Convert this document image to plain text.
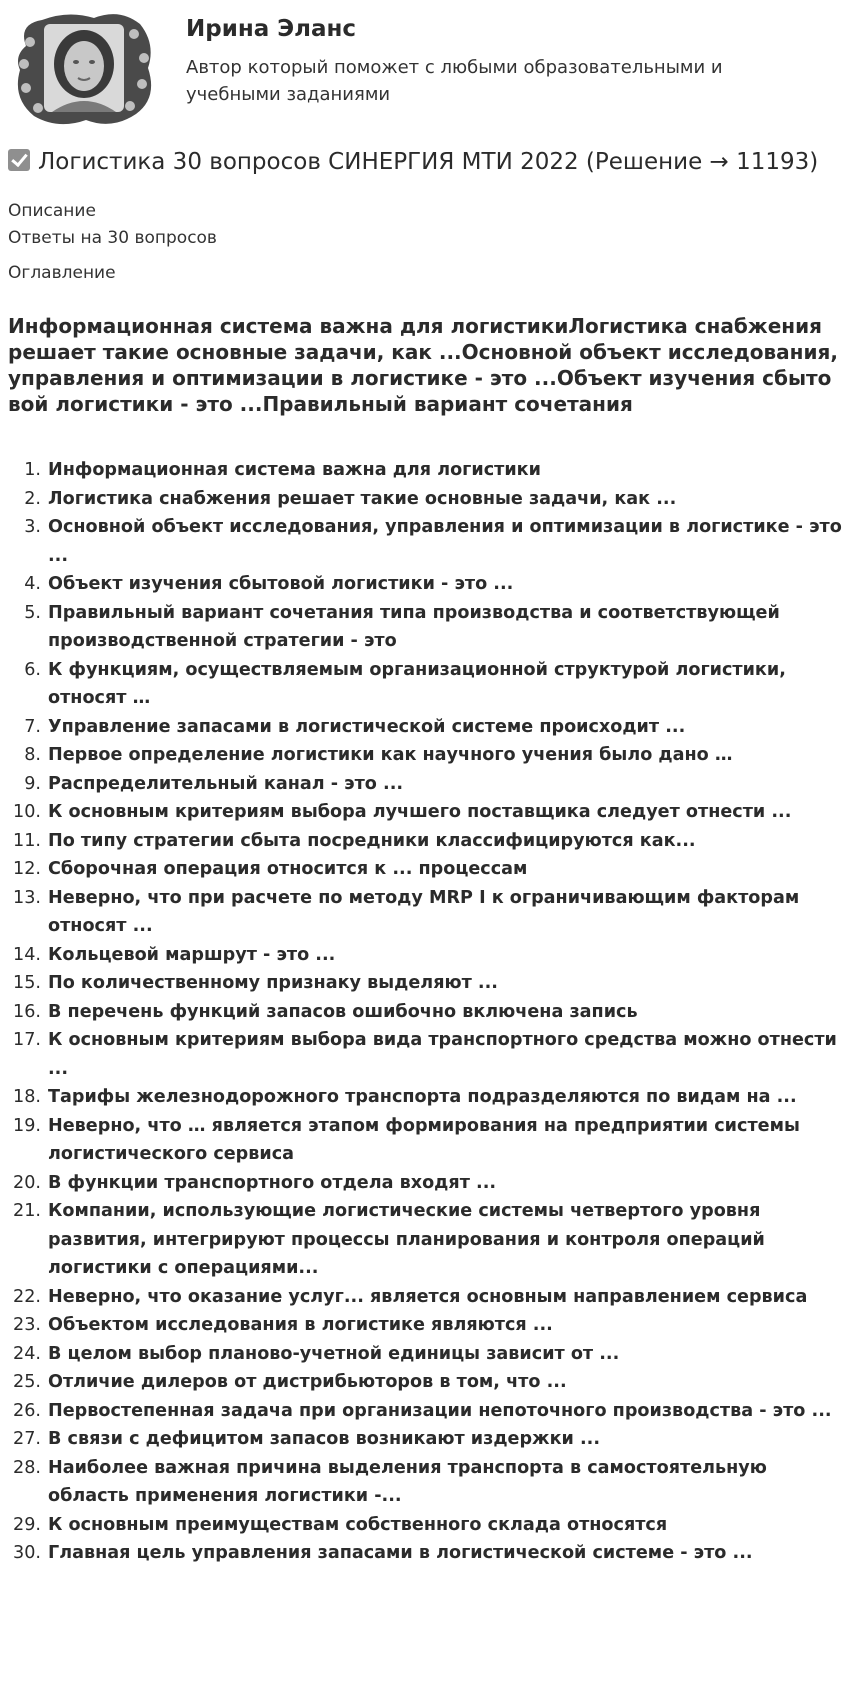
Ирина Эланс
Автор который поможет с любыми образовательными и учебными заданиями
Логистика 30 вопросов СИНЕРГИЯ МТИ 2022 (Решение → 11193)
Описание
Ответы на 30 вопросов
Оглавление
Информационная система важна для логистикиЛогистика снабжения решает такие основные задачи, как ...Основной объект исследования, управления и оптимизации в логистике - это ...Объект изучения сбытовой логистики - это ...Правильный вариант сочетания
1. Информационная система важна для логистики
2. Логистика снабжения решает такие основные задачи, как ...
3. Основной объект исследования, управления и оптимизации в логистике - это ...
4. Объект изучения сбытовой логистики - это ...
5. Правильный вариант сочетания типа производства и соответствующей производственной стратегии - это
6. К функциям, осуществляемым организационной структурой логистики, относят …
7. Управление запасами в логистической системе происходит ...
8. Первое определение логистики как научного учения было дано …
9. Распределительный канал - это ...
10. К основным критериям выбора лучшего поставщика следует отнести ...
11. По типу стратегии сбыта посредники классифицируются как...
12. Сборочная операция относится к ... процессам
13. Неверно, что при расчете по методу MRP I к ограничивающим факторам относят ...
14. Кольцевой маршрут - это ...
15. По количественному признаку выделяют ...
16. В перечень функций запасов ошибочно включена запись
17. К основным критериям выбора вида транспортного средства можно отнести ...
18. Тарифы железнодорожного транспорта подразделяются по видам на ...
19. Неверно, что … является этапом формирования на предприятии системы логистического сервиса
20. В функции транспортного отдела входят ...
21. Компании, использующие логистические системы четвертого уровня развития, интегрируют процессы планирования и контроля операций логистики с операциями...
22. Неверно, что оказание услуг... является основным направлением сервиса
23. Объектом исследования в логистике являются ...
24. В целом выбор планово-учетной единицы зависит от ...
25. Отличие дилеров от дистрибьюторов в том, что ...
26. Первостепенная задача при организации непоточного производства - это ...
27. В связи с дефицитом запасов возникают издержки ...
28. Наиболее важная причина выделения транспорта в самостоятельную область применения логистики -...
29. К основным преимуществам собственного склада относятся
30. Главная цель управления запасами в логистической системе - это ...
